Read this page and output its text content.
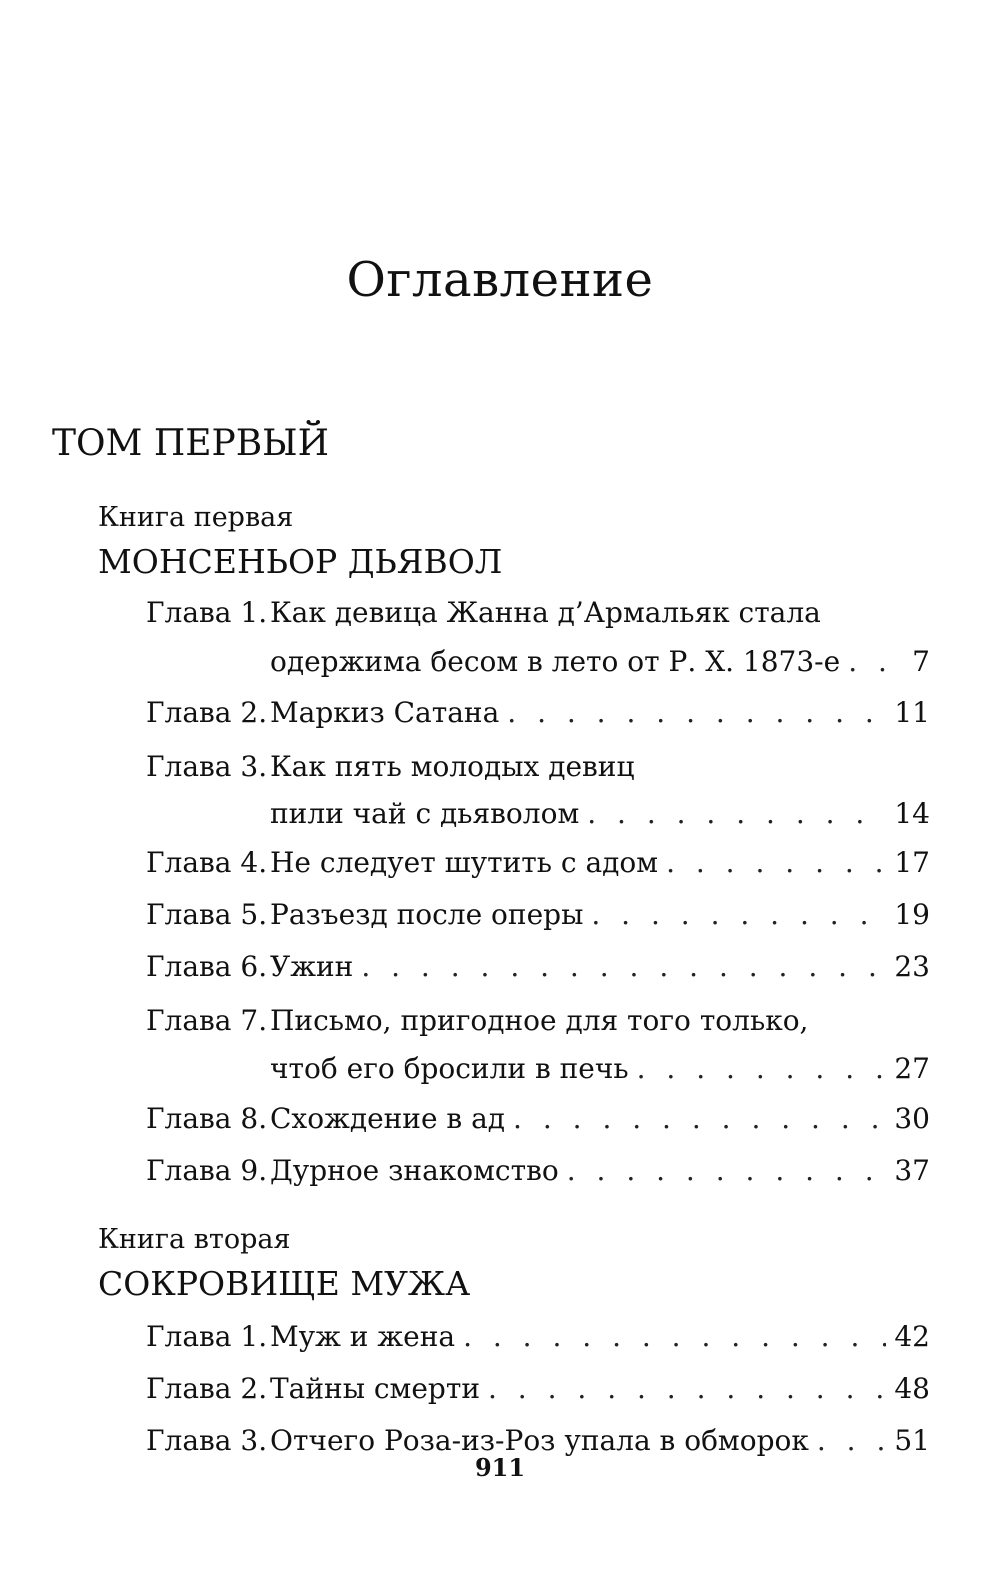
Оглавление
ТОМ ПЕРВЫЙ
Книга первая
МОНСЕНЬОР ДЬЯВОЛ
Глава 1. Как девица Жанна д’Армальяк стала
одержима бесом в лето от Р. Х. 1873-е . . .	7
Глава 2. Маркиз Сатана . . .	11
Глава 3. Как пять молодых девиц
пили чай с дьяволом . . .	14
Глава 4. Не следует шутить с адом . . .	17
Глава 5. Разъезд после оперы . . .	19
Глава 6. Ужин . . .	23
Глава 7. Письмо, пригодное для того только,
чтоб его бросили в печь . . .	27
Глава 8. Схождение в ад . . .	30
Глава 9. Дурное знакомство . . .	37
Книга вторая
СОКРОВИЩЕ МУЖА
Глава 1. Муж и жена . . .	42
Глава 2. Тайны смерти . . .	48
Глава 3. Отчего Роза-из-Роз упала в обморок . . .	51
911
